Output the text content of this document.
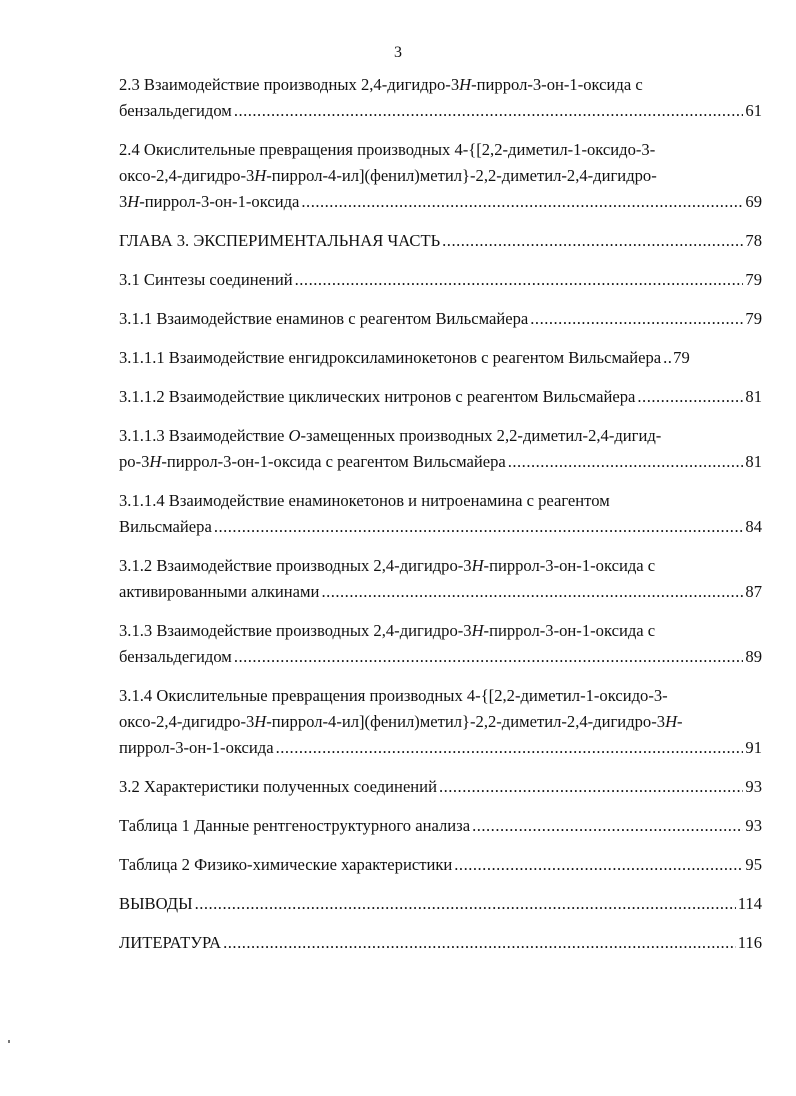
3
2.3 Взаимодействие производных 2,4-дигидро-3H-пиррол-3-он-1-оксида с
бензальдегидом .....	61
2.4 Окислительные превращения производных 4-{[2,2-диметил-1-оксидо-3-
оксо-2,4-дигидро-3H-пиррол-4-ил](фенил)метил}-2,2-диметил-2,4-дигидро-
3H-пиррол-3-он-1-оксида .....	69
ГЛАВА 3. ЭКСПЕРИМЕНТАЛЬНАЯ ЧАСТЬ .....	78
3.1 Синтезы соединений .....	79
3.1.1 Взаимодействие енаминов с реагентом Вильсмайера .....	79
3.1.1.1 Взаимодействие енгидроксиламинокетонов с реагентом Вильсмайера ..... 79
3.1.1.2 Взаимодействие циклических нитронов с реагентом Вильсмайера .....	81
3.1.1.3 Взаимодействие O-замещенных производных 2,2-диметил-2,4-дигид-
ро-3H-пиррол-3-он-1-оксида с реагентом Вильсмайера .....	81
3.1.1.4 Взаимодействие енаминокетонов и нитроенамина с реагентом
Вильсмайера .....	84
3.1.2 Взаимодействие производных 2,4-дигидро-3H-пиррол-3-он-1-оксида с
активированными алкинами .....	87
3.1.3 Взаимодействие производных 2,4-дигидро-3H-пиррол-3-он-1-оксида с
бензальдегидом .....	89
3.1.4 Окислительные превращения производных 4-{[2,2-диметил-1-оксидо-3-
оксо-2,4-дигидро-3H-пиррол-4-ил](фенил)метил}-2,2-диметил-2,4-дигидро-3H-
пиррол-3-он-1-оксида .....	91
3.2 Характеристики полученных соединений .....	93
Таблица 1 Данные рентгеноструктурного анализа .....	93
Таблица 2 Физико-химические характеристики .....	95
ВЫВОДЫ .....	114
ЛИТЕРАТУРА .....	116
